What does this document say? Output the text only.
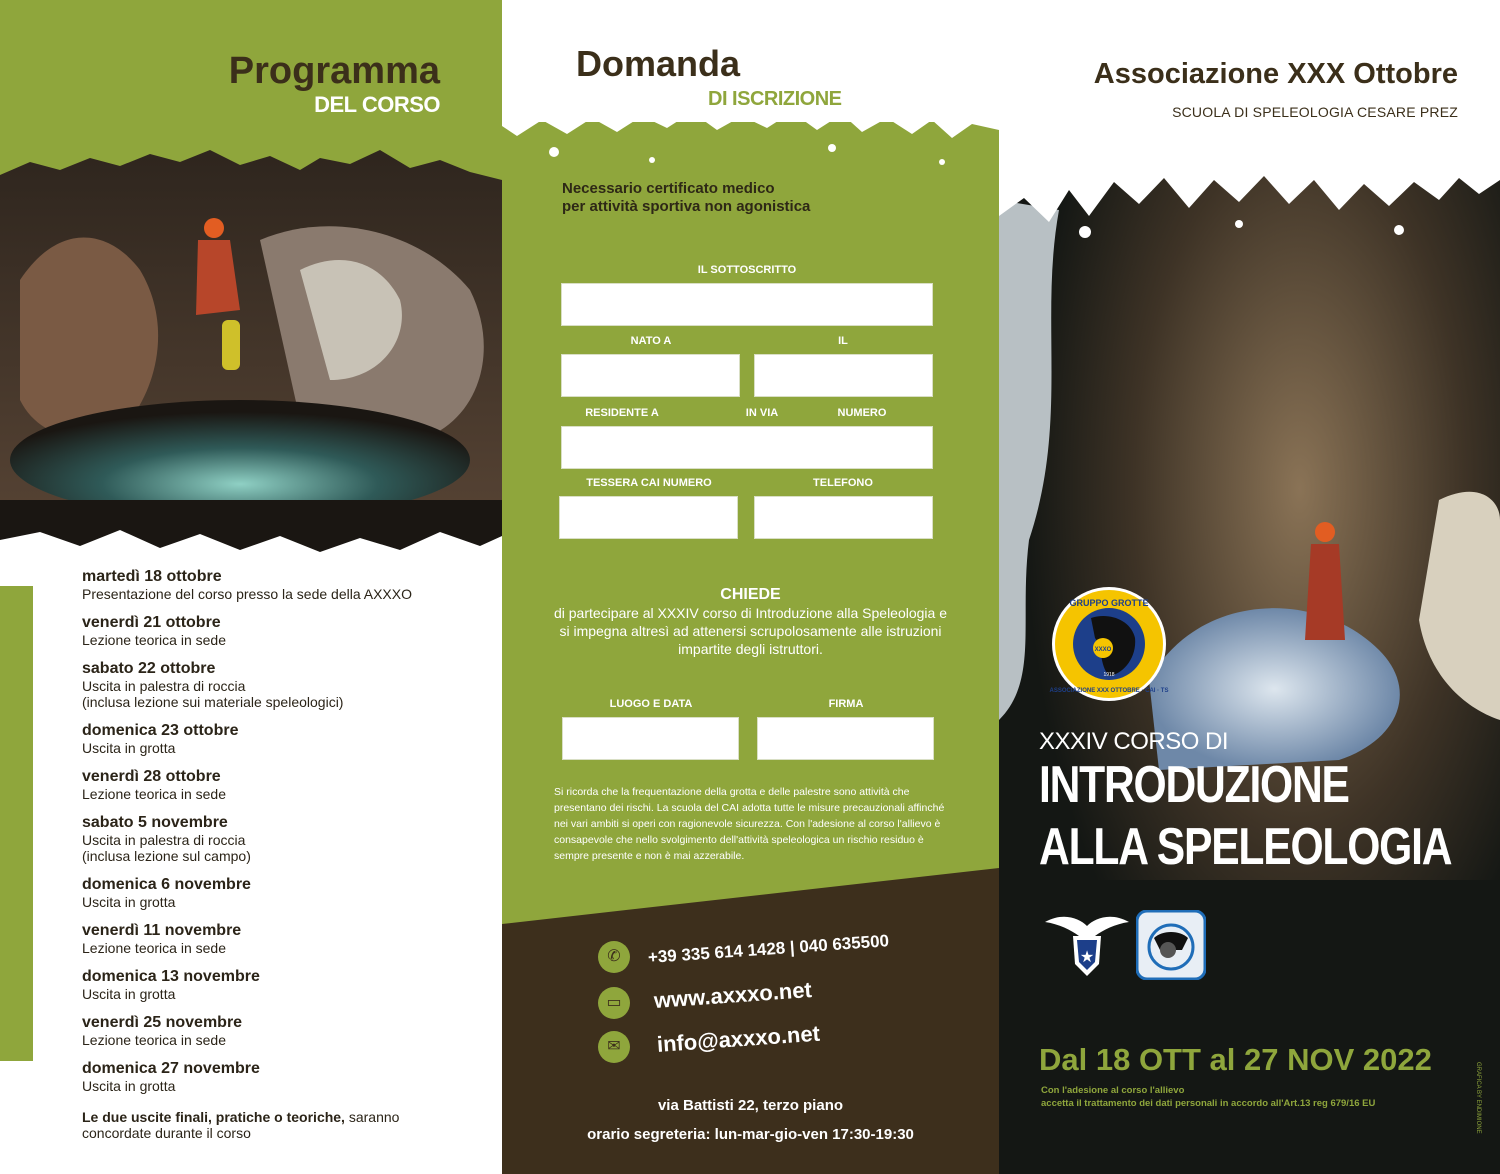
Programma
DEL CORSO
martedì 18 ottobre
Presentazione del corso presso la sede della AXXXO
venerdì 21 ottobre
Lezione teorica in sede
sabato 22 ottobre
Uscita in palestra di roccia
(inclusa lezione sui materiale speleologici)
domenica 23 ottobre
Uscita in grotta
venerdì 28 ottobre
Lezione teorica in sede
sabato 5 novembre
Uscita in palestra di roccia
(inclusa lezione sul campo)
domenica 6 novembre
Uscita in grotta
venerdì 11 novembre
Lezione teorica in sede
domenica 13 novembre
Uscita in grotta
venerdì 25 novembre
Lezione teorica in sede
domenica 27 novembre
Uscita in grotta
Le due uscite finali, pratiche o teoriche, saranno concordate durante il corso
Domanda
DI ISCRIZIONE
Necessario certificato medico
per attività sportiva non agonistica
IL SOTTOSCRITTO
NATO A	IL
RESIDENTE A	IN VIA	NUMERO
TESSERA CAI NUMERO	TELEFONO
CHIEDE
di partecipare al XXXIV corso di Introduzione alla Speleologia e si impegna altresì ad attenersi scrupolosamente alle istruzioni impartite degli istruttori.
LUOGO E DATA	FIRMA
Si ricorda che la frequentazione della grotta e delle palestre sono attività che presentano dei rischi. La scuola del CAI adotta tutte le misure precauzionali affinché nei vari ambiti si operi con ragionevole sicurezza. Con l'adesione al corso l'allievo è consapevole che nello svolgimento dell'attività speleologica un rischio residuo è sempre presente e non è mai azzerabile.
✆	+39 335 614 1428 | 040 635500
▭	www.axxxo.net
✉	info@axxxo.net
via Battisti 22, terzo piano
orario segreteria: lun-mar-gio-ven 17:30-19:30
Associazione XXX Ottobre
SCUOLA DI SPELEOLOGIA CESARE PREZ
GRUPPO GROTTE
XXXO
1918
ASSOCIAZIONE XXX OTTOBRE · CAI · TS
XXXIV CORSO DI
INTRODUZIONE
ALLA SPELEOLOGIA
★
Dal 18 OTT al 27 NOV 2022
Con l'adesione al corso l'allievo
accetta il trattamento dei dati personali in accordo all'Art.13 reg 679/16 EU	GRAFICA BY ENDIMIONE
